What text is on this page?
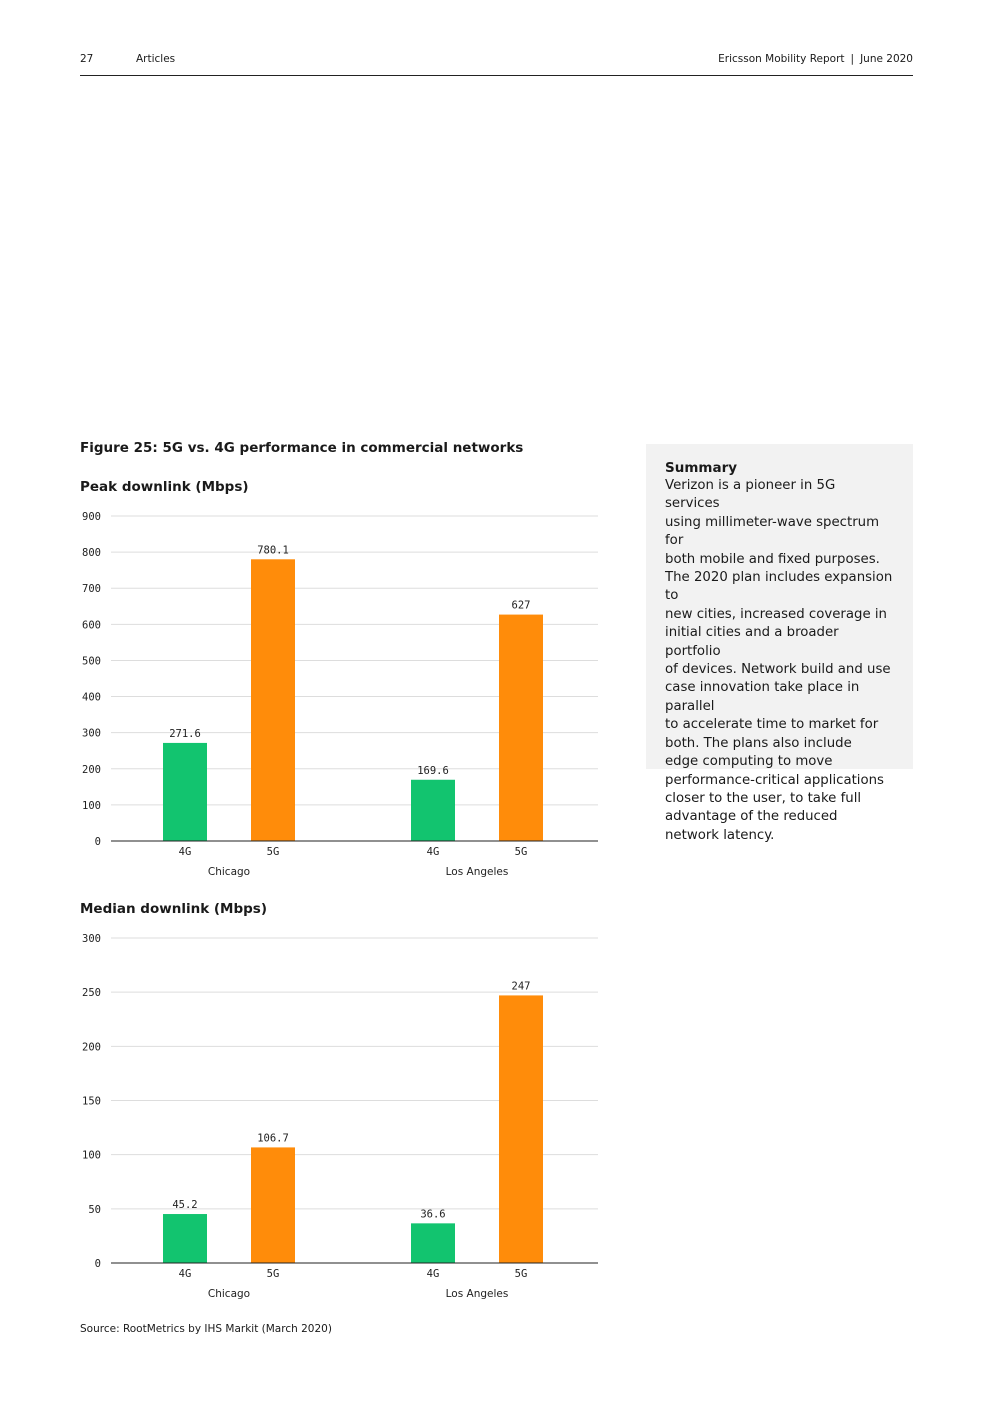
27	Articles	Ericsson Mobility Report | June 2020
Figure 25: 5G vs. 4G performance in commercial networks
Peak downlink (Mbps)
0
100
200
300
400
500
600
700
800
900
271.6
4G
780.1
5G
Chicago
169.6
4G
627
5G
Los Angeles
Median downlink (Mbps)
0
50
100
150
200
250
300
45.2
4G
106.7
5G
Chicago
36.6
4G
247
5G
Los Angeles
Source: RootMetrics by IHS Markit (March 2020)
Summary
Verizon is a pioneer in 5G services
using millimeter-wave spectrum for
both mobile and fixed purposes.
The 2020 plan includes expansion to
new cities, increased coverage in
initial cities and a broader portfolio
of devices. Network build and use
case innovation take place in parallel
to accelerate time to market for
both. The plans also include
edge computing to move
performance-critical applications
closer to the user, to take full
advantage of the reduced
network latency.
